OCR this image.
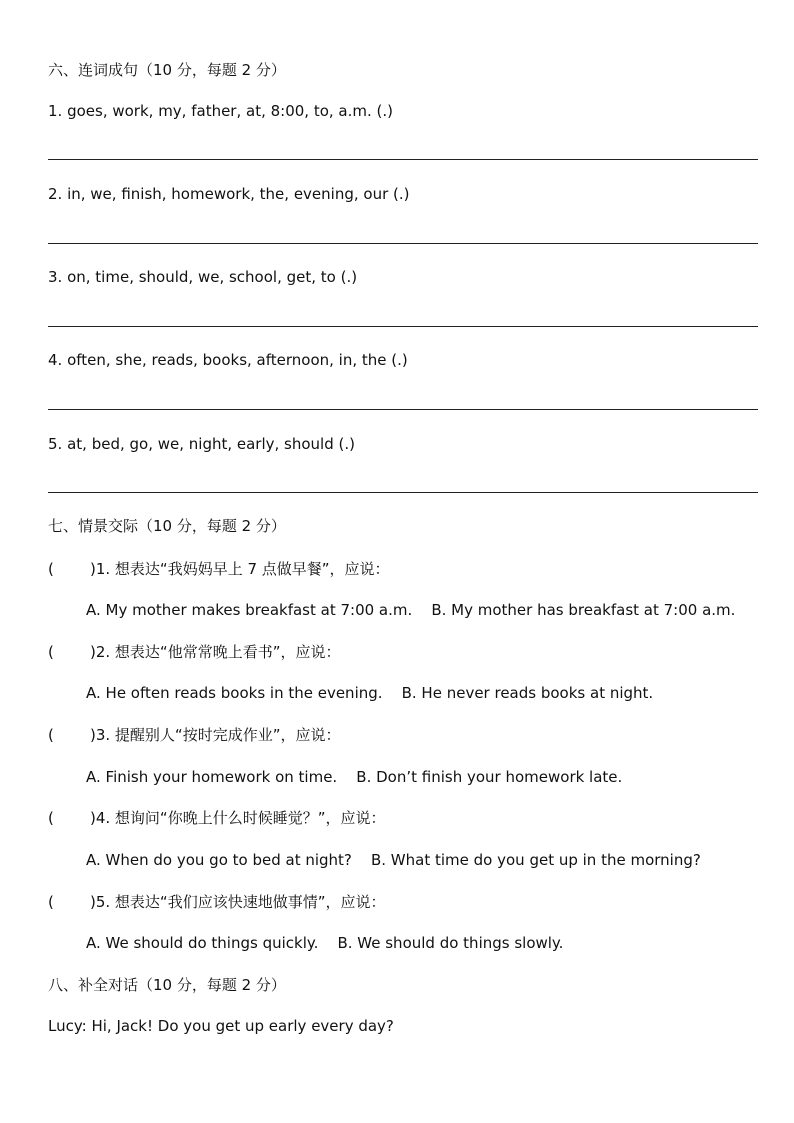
六、连词成句（10 分，每题 2 分）
1. goes, work, my, father, at, 8:00, to, a.m. (.)
2. in, we, finish, homework, the, evening, our (.)
3. on, time, should, we, school, get, to (.)
4. often, she, reads, books, afternoon, in, the (.)
5. at, bed, go, we, night, early, should (.)
七、情景交际（10 分，每题 2 分）
( )1. 想表达“我妈妈早上 7 点做早餐”，应说：
A. My mother makes breakfast at 7:00 a.m. B. My mother has breakfast at 7:00 a.m.
( )2. 想表达“他常常晚上看书”，应说：
A. He often reads books in the evening. B. He never reads books at night.
( )3. 提醒别人“按时完成作业”，应说：
A. Finish your homework on time. B. Don’t finish your homework late.
( )4. 想询问“你晚上什么时候睡觉？”，应说：
A. When do you go to bed at night? B. What time do you get up in the morning?
( )5. 想表达“我们应该快速地做事情”，应说：
A. We should do things quickly. B. We should do things slowly.
八、补全对话（10 分，每题 2 分）
Lucy: Hi, Jack! Do you get up early every day?
